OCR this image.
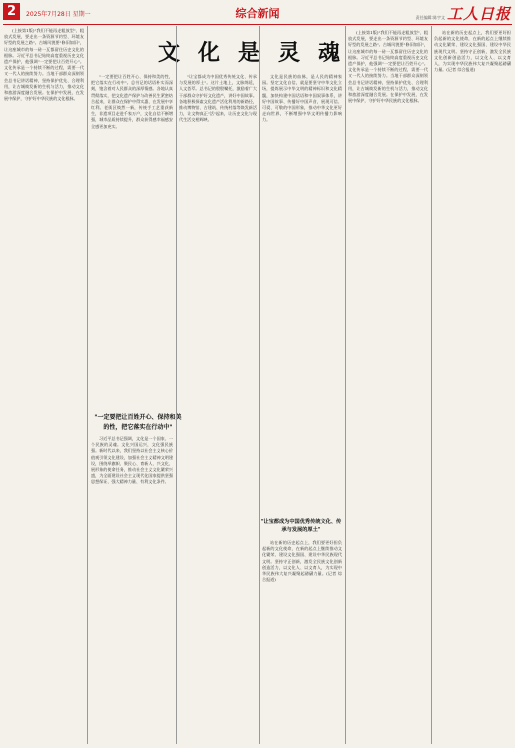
2	2025年7月28日 星期一	综合新闻	责任编辑:陈宇文 工人日报
文化是灵魂

(上接第1版)"我们不能再走粗放型"、粗放式发展，要走出一条资源节约型、环境友好型的发展之路"。古城风貌要"修旧如旧"，让这座城市的每一砖一瓦都留住历史文化的根脉。习近平总书记始终高度重视历史文化遗产保护，他强调"一定要把让百姓开心"。文化传承是一个持续不断的过程，需要一代又一代人的接续努力。当地干部群众深刻领会总书记讲话精神，坚持保护优先、合理利用，让古城焕发新的生机与活力，推动文化和旅游深度融合发展。在保护中发展，在发展中保护，守护好中华民族的文化根脉。

"一定要把让百姓开心、保持和美的性，把它落实在行动中"。总书记的话语朴实而深刻，饱含着对人民群众的深厚情感。各地认真贯彻落实，把文化遗产保护与改善民生紧密结合起来，让群众在保护中得实惠、在发展中享红利。老街区焕然一新，传统手工艺重获新生，非遗项目走进千家万户，文化自信不断增强，城市品质持续提升，群众获得感幸福感安全感更加充实。

"一定要把让百姓开心、保持和美的性，把它落实在行动中"

习近平总书记强调，文化是一个国家、一个民族的灵魂。文化兴国运兴，文化强民族强。新时代以来，我们坚持以社会主义核心价值观引领文化建设，加强社会主义精神文明建设，围绕举旗帜、聚民心、育新人、兴文化、展形象的使命任务，推动社会主义文化繁荣兴盛，为全面建设社会主义现代化国家提供坚强思想保证、强大精神力量、有利文化条件。

"让宝都成为中国优秀传统文化、传承与发展的厚土"。这片土地上，文脉绵延，人文荟萃。总书记的殷殷嘱托，激励着广大干部群众守护好文化遗产，讲好中国故事。各地积极探索文化遗产活化利用的新路径，推动博物馆、古建筑、传统村落等焕发新活力，让文物真正"活"起来，让历史文化与现代生活交相辉映。

文化是民族的血脉，是人民的精神家园。坚定文化自信，就是要坚守中华文化立场，提炼展示中华文明的精神标识和文化精髓，加快构建中国话语和中国叙事体系，讲好中国故事、传播好中国声音，展现可信、可爱、可敬的中国形象，推动中华文化更好走向世界，不断增强中华文明传播力影响力。

"让宝都成为中国优秀传统文化、传承与发展的厚土"

站在新的历史起点上，我们要更好担负起新的文化使命，在新的起点上继续推动文化繁荣、建设文化强国、建设中华民族现代文明。坚持守正创新，激发全民族文化创新创造活力，以文化人、以文育人，为实现中华民族伟大复兴凝聚起磅礴力量。(记者 综合报道)

(上接第1版)"我们不能再走粗放型"、粗放式发展，要走出一条资源节约型、环境友好型的发展之路"。古城风貌要"修旧如旧"，让这座城市的每一砖一瓦都留住历史文化的根脉。习近平总书记始终高度重视历史文化遗产保护，他强调"一定要把让百姓开心"。文化传承是一个持续不断的过程，需要一代又一代人的接续努力。当地干部群众深刻领会总书记讲话精神，坚持保护优先、合理利用，让古城焕发新的生机与活力，推动文化和旅游深度融合发展。在保护中发展，在发展中保护，守护好中华民族的文化根脉。

站在新的历史起点上，我们要更好担负起新的文化使命，在新的起点上继续推动文化繁荣、建设文化强国、建设中华民族现代文明。坚持守正创新，激发全民族文化创新创造活力，以文化人、以文育人，为实现中华民族伟大复兴凝聚起磅礴力量。(记者 综合报道)
